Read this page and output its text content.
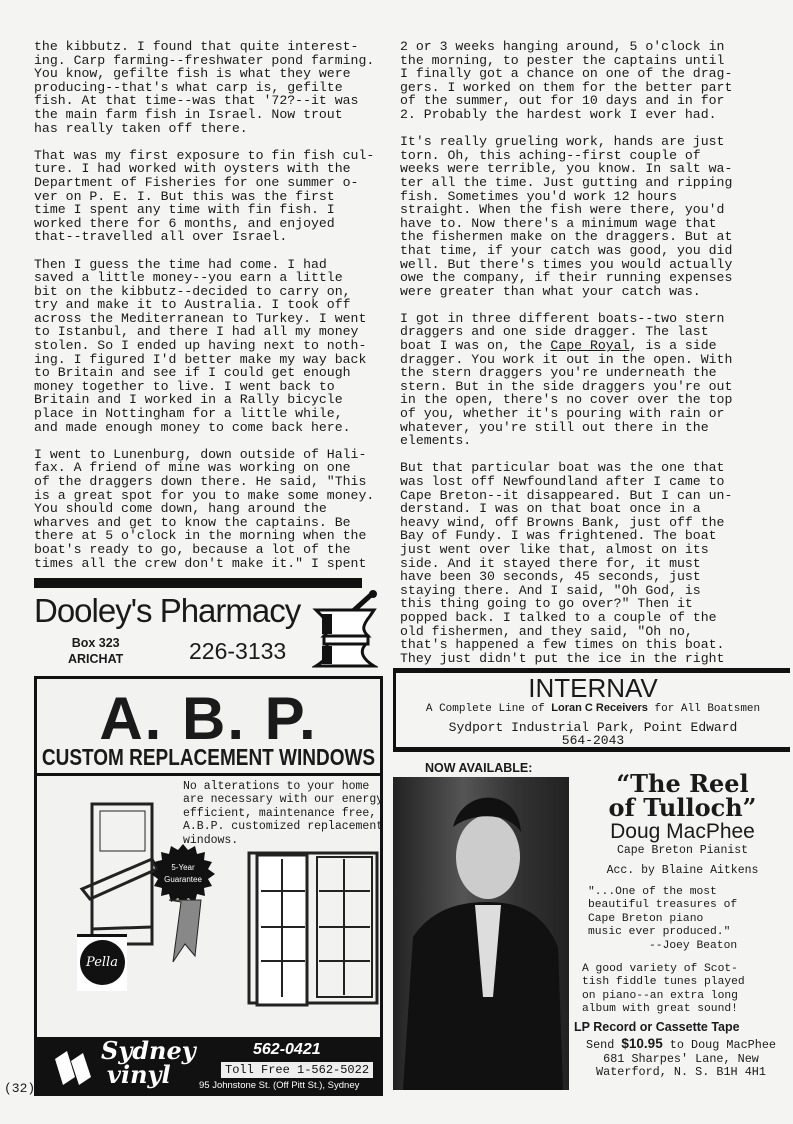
the kibbutz. I found that quite interest-
ing. Carp farming--freshwater pond farming.
You know, gefilte fish is what they were
producing--that's what carp is, gefilte
fish. At that time--was that '72?--it was
the main farm fish in Israel. Now trout
has really taken off there.
That was my first exposure to fin fish cul-
ture. I had worked with oysters with the
Department of Fisheries for one summer o-
ver on P. E. I. But this was the first
time I spent any time with fin fish. I
worked there for 6 months, and enjoyed
that--travelled all over Israel.
Then I guess the time had come. I had
saved a little money--you earn a little
bit on the kibbutz--decided to carry on,
try and make it to Australia. I took off
across the Mediterranean to Turkey. I went
to Istanbul, and there I had all my money
stolen. So I ended up having next to noth-
ing. I figured I'd better make my way back
to Britain and see if I could get enough
money together to live. I went back to
Britain and I worked in a Rally bicycle
place in Nottingham for a little while,
and made enough money to come back here.
I went to Lunenburg, down outside of Hali-
fax. A friend of mine was working on one
of the draggers down there. He said, "This
is a great spot for you to make some money.
You should come down, hang around the
wharves and get to know the captains. Be
there at 5 o'clock in the morning when the
boat's ready to go, because a lot of the
times all the crew don't make it." I spent
2 or 3 weeks hanging around, 5 o'clock in
the morning, to pester the captains until
I finally got a chance on one of the drag-
gers. I worked on them for the better part
of the summer, out for 10 days and in for
2. Probably the hardest work I ever had.
It's really grueling work, hands are just
torn. Oh, this aching--first couple of
weeks were terrible, you know. In salt wa-
ter all the time. Just gutting and ripping
fish. Sometimes you'd work 12 hours
straight. When the fish were there, you'd
have to. Now there's a minimum wage that
the fishermen make on the draggers. But at
that time, if your catch was good, you did
well. But there's times you would actually
owe the company, if their running expenses
were greater than what your catch was.
I got in three different boats--two stern
draggers and one side dragger. The last
boat I was on, the Cape Royal, is a side
dragger. You work it out in the open. With
the stern draggers you're underneath the
stern. But in the side draggers you're out
in the open, there's no cover over the top
of you, whether it's pouring with rain or
whatever, you're still out there in the
elements.
But that particular boat was the one that
was lost off Newfoundland after I came to
Cape Breton--it disappeared. But I can un-
derstand. I was on that boat once in a
heavy wind, off Browns Bank, just off the
Bay of Fundy. I was frightened. The boat
just went over like that, almost on its
side. And it stayed there for, it must
have been 30 seconds, 45 seconds, just
staying there. And I said, "Oh God, is
this thing going to go over?" Then it
popped back. I talked to a couple of the
old fishermen, and they said, "Oh no,
that's happened a few times on this boat.
They just didn't put the ice in the right
Dooley's Pharmacy
Box 323
ARICHAT	226-3133
A. B. P.
CUSTOM REPLACEMENT WINDOWS
No alterations to your home
are necessary with our energy
efficient, maintenance free,
A.B.P. customized replacement
windows.
5-Year
Guarantee
Pella
Sydney
vinyl
562-0421
Toll Free 1-562-5022
95 Johnstone St. (Off Pitt St.), Sydney
INTERNAV
A Complete Line of Loran C Receivers for All Boatsmen
Sydport Industrial Park, Point Edward
564-2043
NOW AVAILABLE:
“The Reel
of Tulloch”
Doug MacPhee
Cape Breton Pianist
Acc. by Blaine Aitkens
"...One of the most
beautiful treasures of
Cape Breton piano
music ever produced."
--Joey Beaton
A good variety of Scot-
tish fiddle tunes played
on piano--an extra long
album with great sound!
LP Record or Cassette Tape
Send $10.95 to Doug MacPhee
681 Sharpes' Lane, New
Waterford, N. S. B1H 4H1
(32)
